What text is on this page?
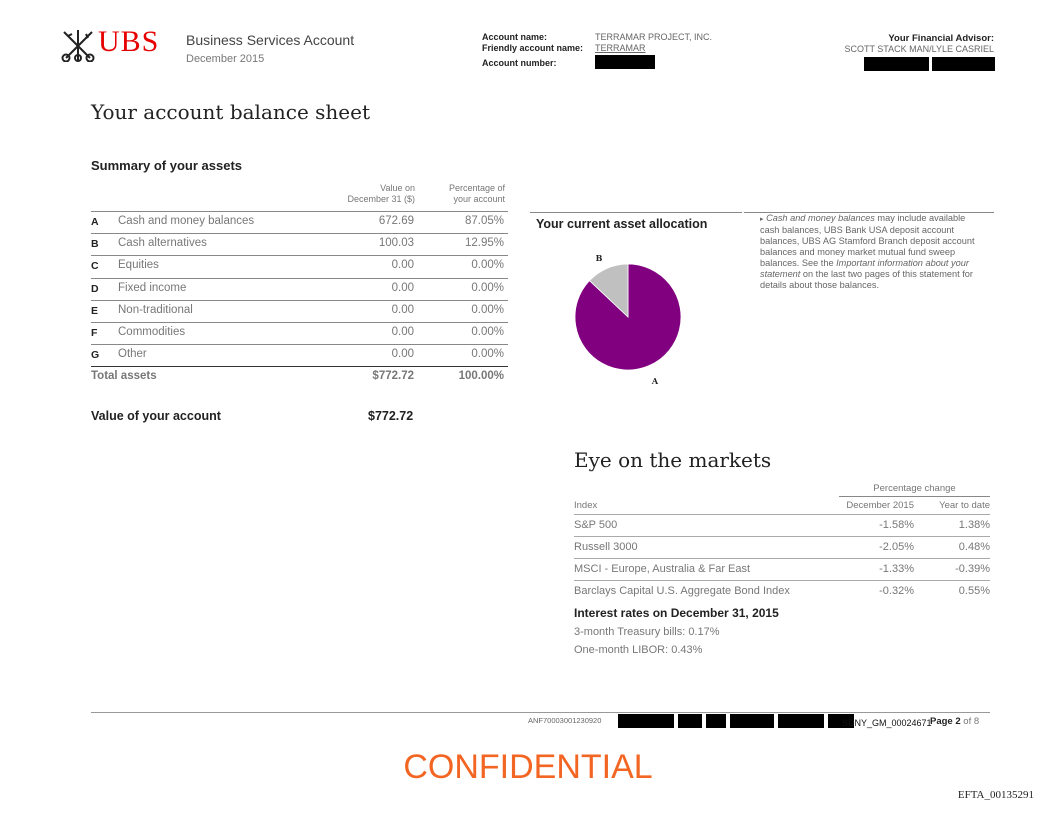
UBS Business Services Account
December 2015
Account name:	TERRAMAR PROJECT, INC.
Friendly account name: TERRAMAR
Account number:
Your Financial Advisor:
SCOTT STACK MAN/LYLE CASRIEL
Your account balance sheet
Summary of your assets
Value on
December 31 ($)
Percentage of
your account
A Cash and money balances	672.69	87.05%
B Cash alternatives	100.03	12.95%
C Equities	0.00	0.00%
D Fixed income	0.00	0.00%
E Non-traditional	0.00	0.00%
F Commodities	0.00	0.00%
G Other	0.00	0.00%
Total assets	$772.72	100.00%
Value of your account	$772.72
Your current asset allocation
B
A
▸ Cash and money balances may include available cash balances, UBS Bank USA deposit account balances, UBS AG Stamford Branch deposit account balances and money market mutual fund sweep balances. See the Important information about your statement on the last two pages of this statement for details about those balances.
Eye on the markets
Percentage change
Index	December 2015	Year to date
S&P 500	-1.58%	1.38%
Russell 3000	-2.05%	0.48%
MSCI - Europe, Australia & Far East	-1.33%	-0.39%
Barclays Capital U.S. Aggregate Bond Index	-0.32%	0.55%
Interest rates on December 31, 2015
3-month Treasury bills: 0.17%
One-month LIBOR: 0.43%
ANF70003001230920	SDNY_GM_00024671
Page 2 of 8
CONFIDENTIAL
EFTA_00135291
